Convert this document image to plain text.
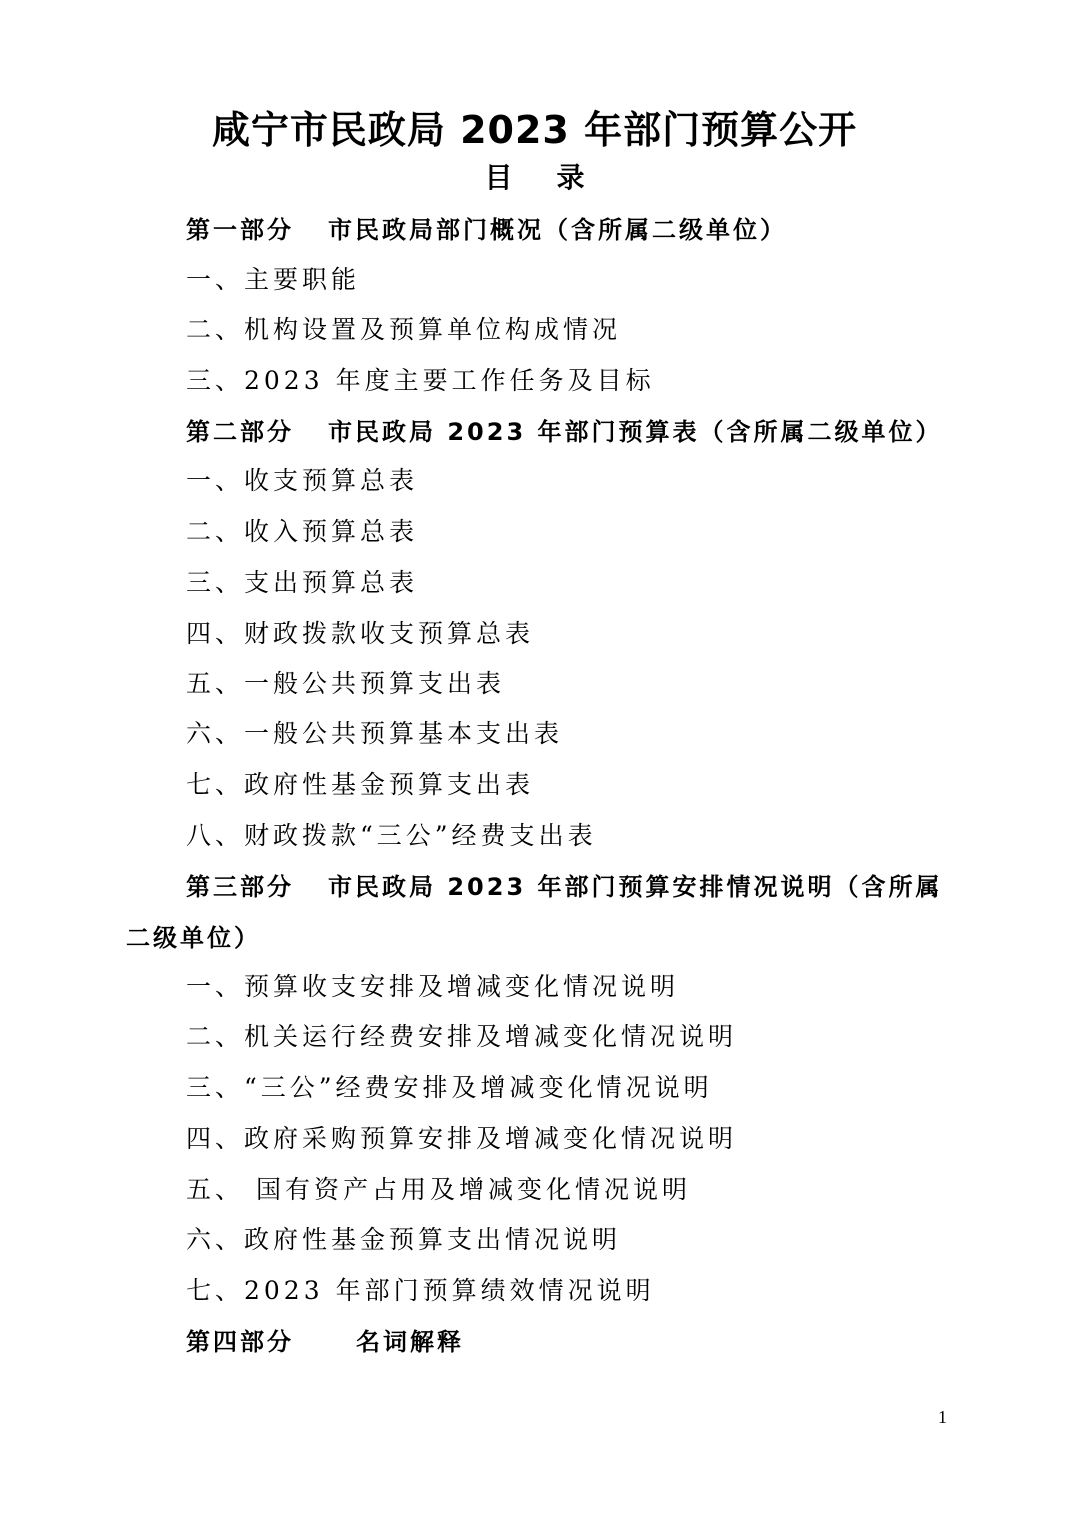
咸宁市民政局 2023 年部门预算公开
目录
第一部分 市民政局部门概况（含所属二级单位）
一、主要职能
二、机构设置及预算单位构成情况
三、2023 年度主要工作任务及目标
第二部分 市民政局 2023 年部门预算表（含所属二级单位）
一、收支预算总表
二、收入预算总表
三、支出预算总表
四、财政拨款收支预算总表
五、一般公共预算支出表
六、一般公共预算基本支出表
七、政府性基金预算支出表
八、财政拨款“三公”经费支出表
第三部分 市民政局 2023 年部门预算安排情况说明（含所属
二级单位）
一、预算收支安排及增减变化情况说明
二、机关运行经费安排及增减变化情况说明
三、“三公”经费安排及增减变化情况说明
四、政府采购预算安排及增减变化情况说明
五、 国有资产占用及增减变化情况说明
六、政府性基金预算支出情况说明
七、2023 年部门预算绩效情况说明
第四部分	名词解释
1
